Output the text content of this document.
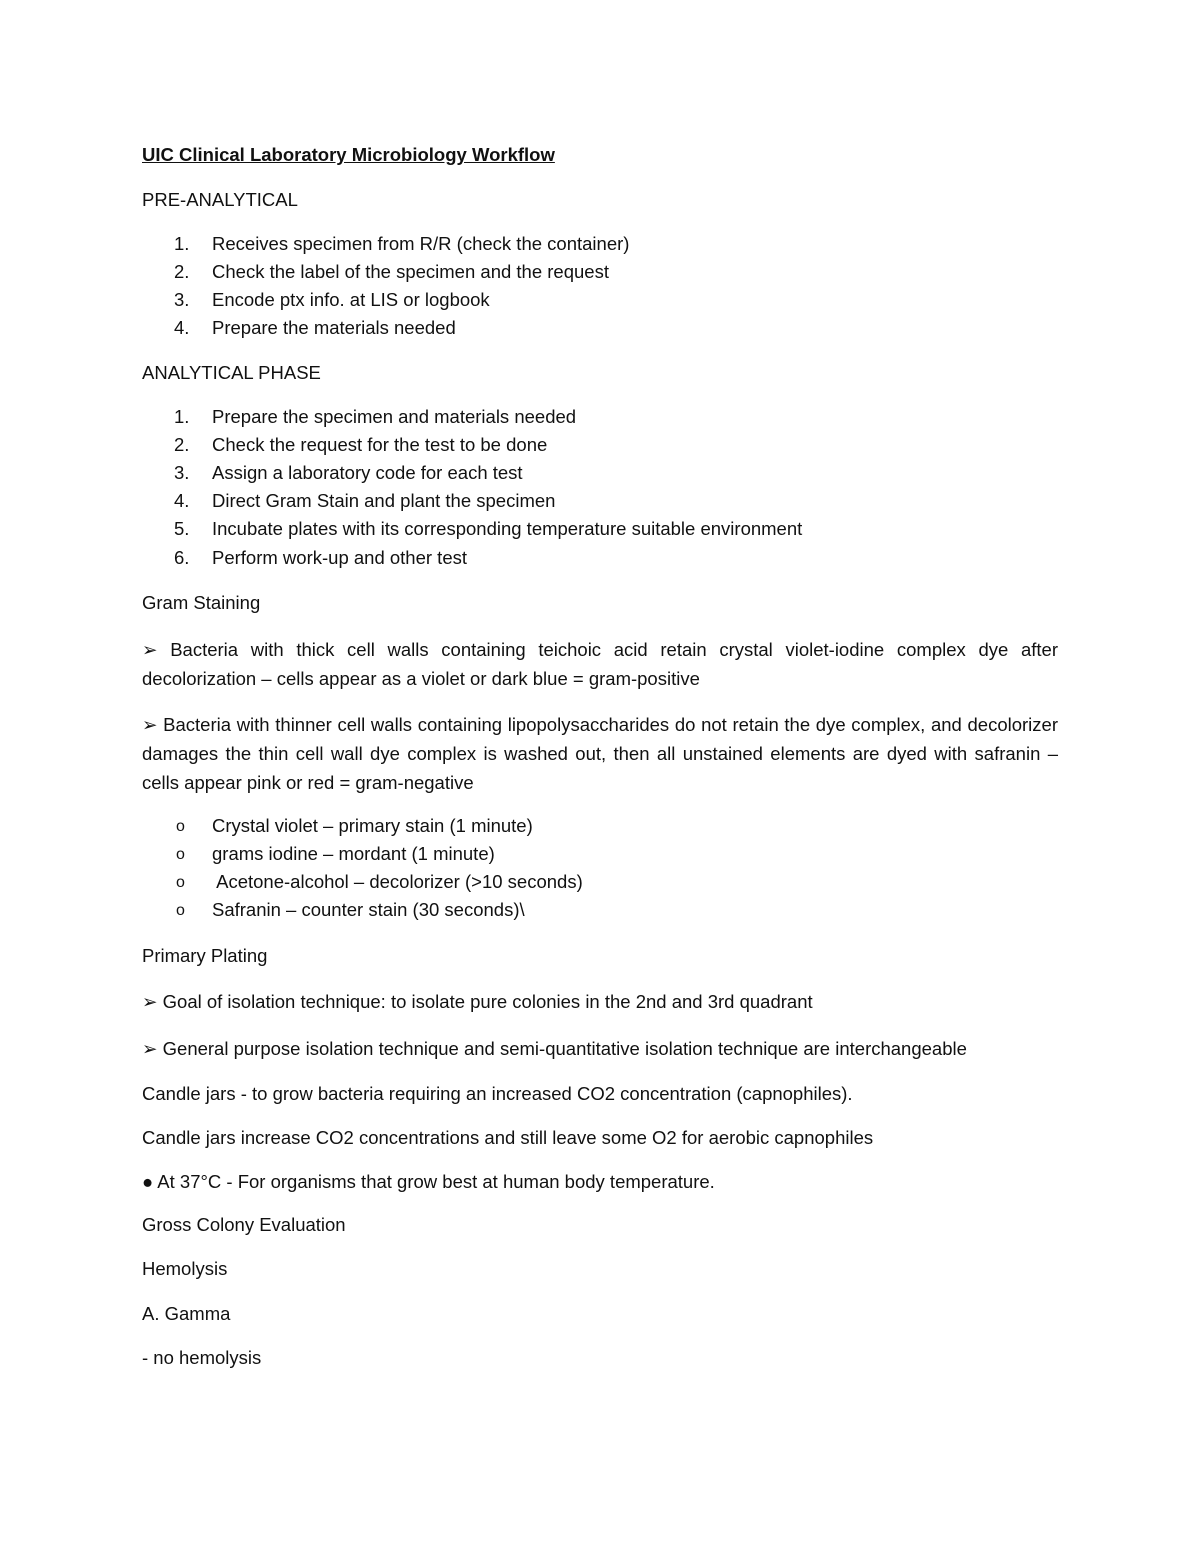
UIC Clinical Laboratory Microbiology Workflow
PRE-ANALYTICAL
1. Receives specimen from R/R (check the container)
2. Check the label of the specimen and the request
3. Encode ptx info. at LIS or logbook
4. Prepare the materials needed
ANALYTICAL PHASE
1. Prepare the specimen and materials needed
2. Check the request for the test to be done
3. Assign a laboratory code for each test
4. Direct Gram Stain and plant the specimen
5. Incubate plates with its corresponding temperature suitable environment
6. Perform work-up and other test
Gram Staining
➢ Bacteria with thick cell walls containing teichoic acid retain crystal violet-iodine complex dye after decolorization – cells appear as a violet or dark blue = gram-positive
➢ Bacteria with thinner cell walls containing lipopolysaccharides do not retain the dye complex, and decolorizer damages the thin cell wall dye complex is washed out, then all unstained elements are dyed with safranin – cells appear pink or red = gram-negative
o Crystal violet – primary stain (1 minute)
o grams iodine – mordant (1 minute)
o Acetone-alcohol – decolorizer (>10 seconds)
o Safranin – counter stain (30 seconds)\
Primary Plating
➢ Goal of isolation technique: to isolate pure colonies in the 2nd and 3rd quadrant
➢ General purpose isolation technique and semi-quantitative isolation technique are interchangeable
Candle jars - to grow bacteria requiring an increased CO2 concentration (capnophiles).
Candle jars increase CO2 concentrations and still leave some O2 for aerobic capnophiles
● At 37°C - For organisms that grow best at human body temperature.
Gross Colony Evaluation
Hemolysis
A. Gamma
- no hemolysis
